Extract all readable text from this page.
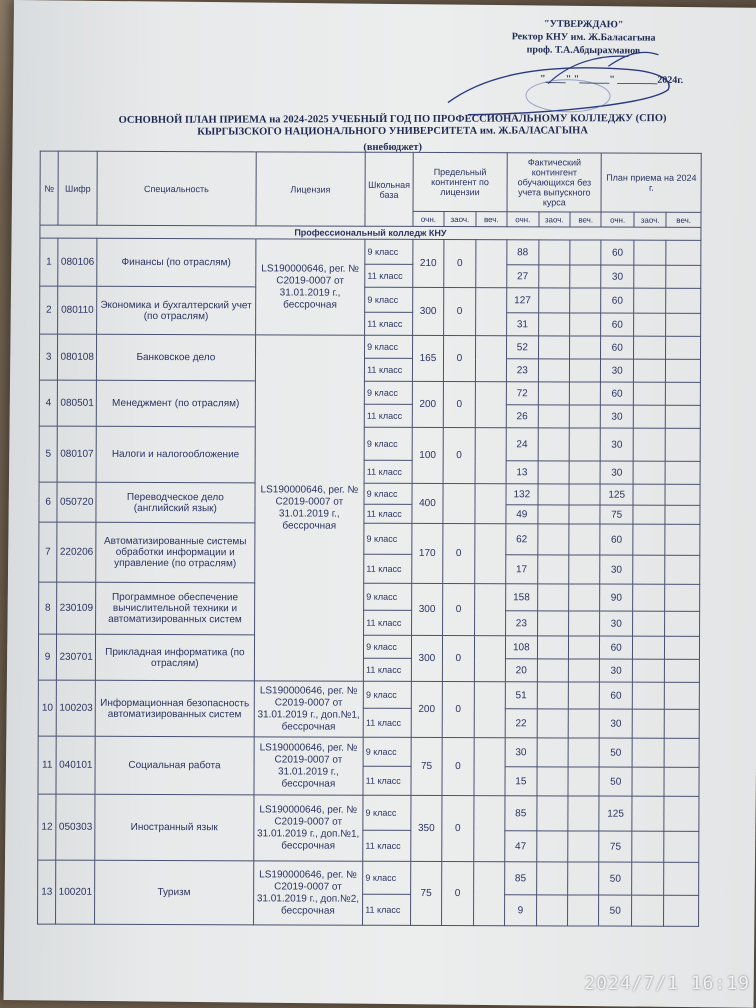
"УТВЕРЖДАЮ"
Ректор КНУ им. Ж.Баласагына
проф. Т.А.Абдырахманов
"____" "______" ________2024г.
ОСНОВНОЙ ПЛАН ПРИЕМА на 2024-2025 УЧЕБНЫЙ ГОД ПО ПРОФЕССИОНАЛЬНОМУ КОЛЛЕДЖУ (СПО)
КЫРГЫЗСКОГО НАЦИОНАЛЬНОГО УНИВЕРСИТЕТА им. Ж.БАЛАСАГЫНА
(внебюджет)
№	Шифр	Специальность	Лицензия	Школьная база	Предельный контингент по лицензии			Фактический контингент обучающихся без учета выпускного курса			План приема на 2024 г.		
					очн.	заоч.	веч.	очн.	заоч.	веч.	очн.	заоч.	веч.
Профессиональный колледж КНУ													
1	080106	Финансы (по отраслям)	LS190000646, рег. № С2019-0007 от 31.01.2019 г., бессрочная	9 класс	210	0		88			60		
				11 класс				27			30		
2	080110	Экономика и бухгалтерский учет (по отраслям)		9 класс	300	0		127			60		
				11 класс				31			60		
3	080108	Банковское дело	LS190000646, рег. № С2019-0007 от 31.01.2019 г., бессрочная	9 класс	165	0		52			60		
				11 класс				23			30		
4	080501	Менеджмент (по отраслям)		9 класс	200	0		72			60		
				11 класс				26			30		
5	080107	Налоги и налогообложение		9 класс	100	0		24			30		
				11 класс				13			30		
6	050720	Переводческое дело (английский язык)		9 класс	400			132			125		
				11 класс				49			75		
7	220206	Автоматизированные системы обработки информации и управление (по отраслям)		9 класс	170	0		62			60		
				11 класс				17			30		
8	230109	Программное обеспечение вычислительной техники и автоматизированных систем		9 класс	300	0		158			90		
				11 класс				23			30		
9	230701	Прикладная информатика (по отраслям)		9 класс	300	0		108			60		
				11 класс				20			30		
10	100203	Информационная безопасность автоматизированных систем	LS190000646, рег. № С2019-0007 от 31.01.2019 г., доп.№1, бессрочная	9 класс	200	0		51			60		
				11 класс				22			30		
11	040101	Социальная работа	LS190000646, рег. № С2019-0007 от 31.01.2019 г., бессрочная	9 класс	75	0		30			50		
				11 класс				15			50		
12	050303	Иностранный язык	LS190000646, рег. № С2019-0007 от 31.01.2019 г., доп.№1, бессрочная	9 класс	350	0		85			125		
				11 класс				47			75		
13	100201	Туризм	LS190000646, рег. № С2019-0007 от 31.01.2019 г., доп.№2, бессрочная	9 класс	75	0		85			50		
				11 класс				9			50		
2024/7/1 16:19
